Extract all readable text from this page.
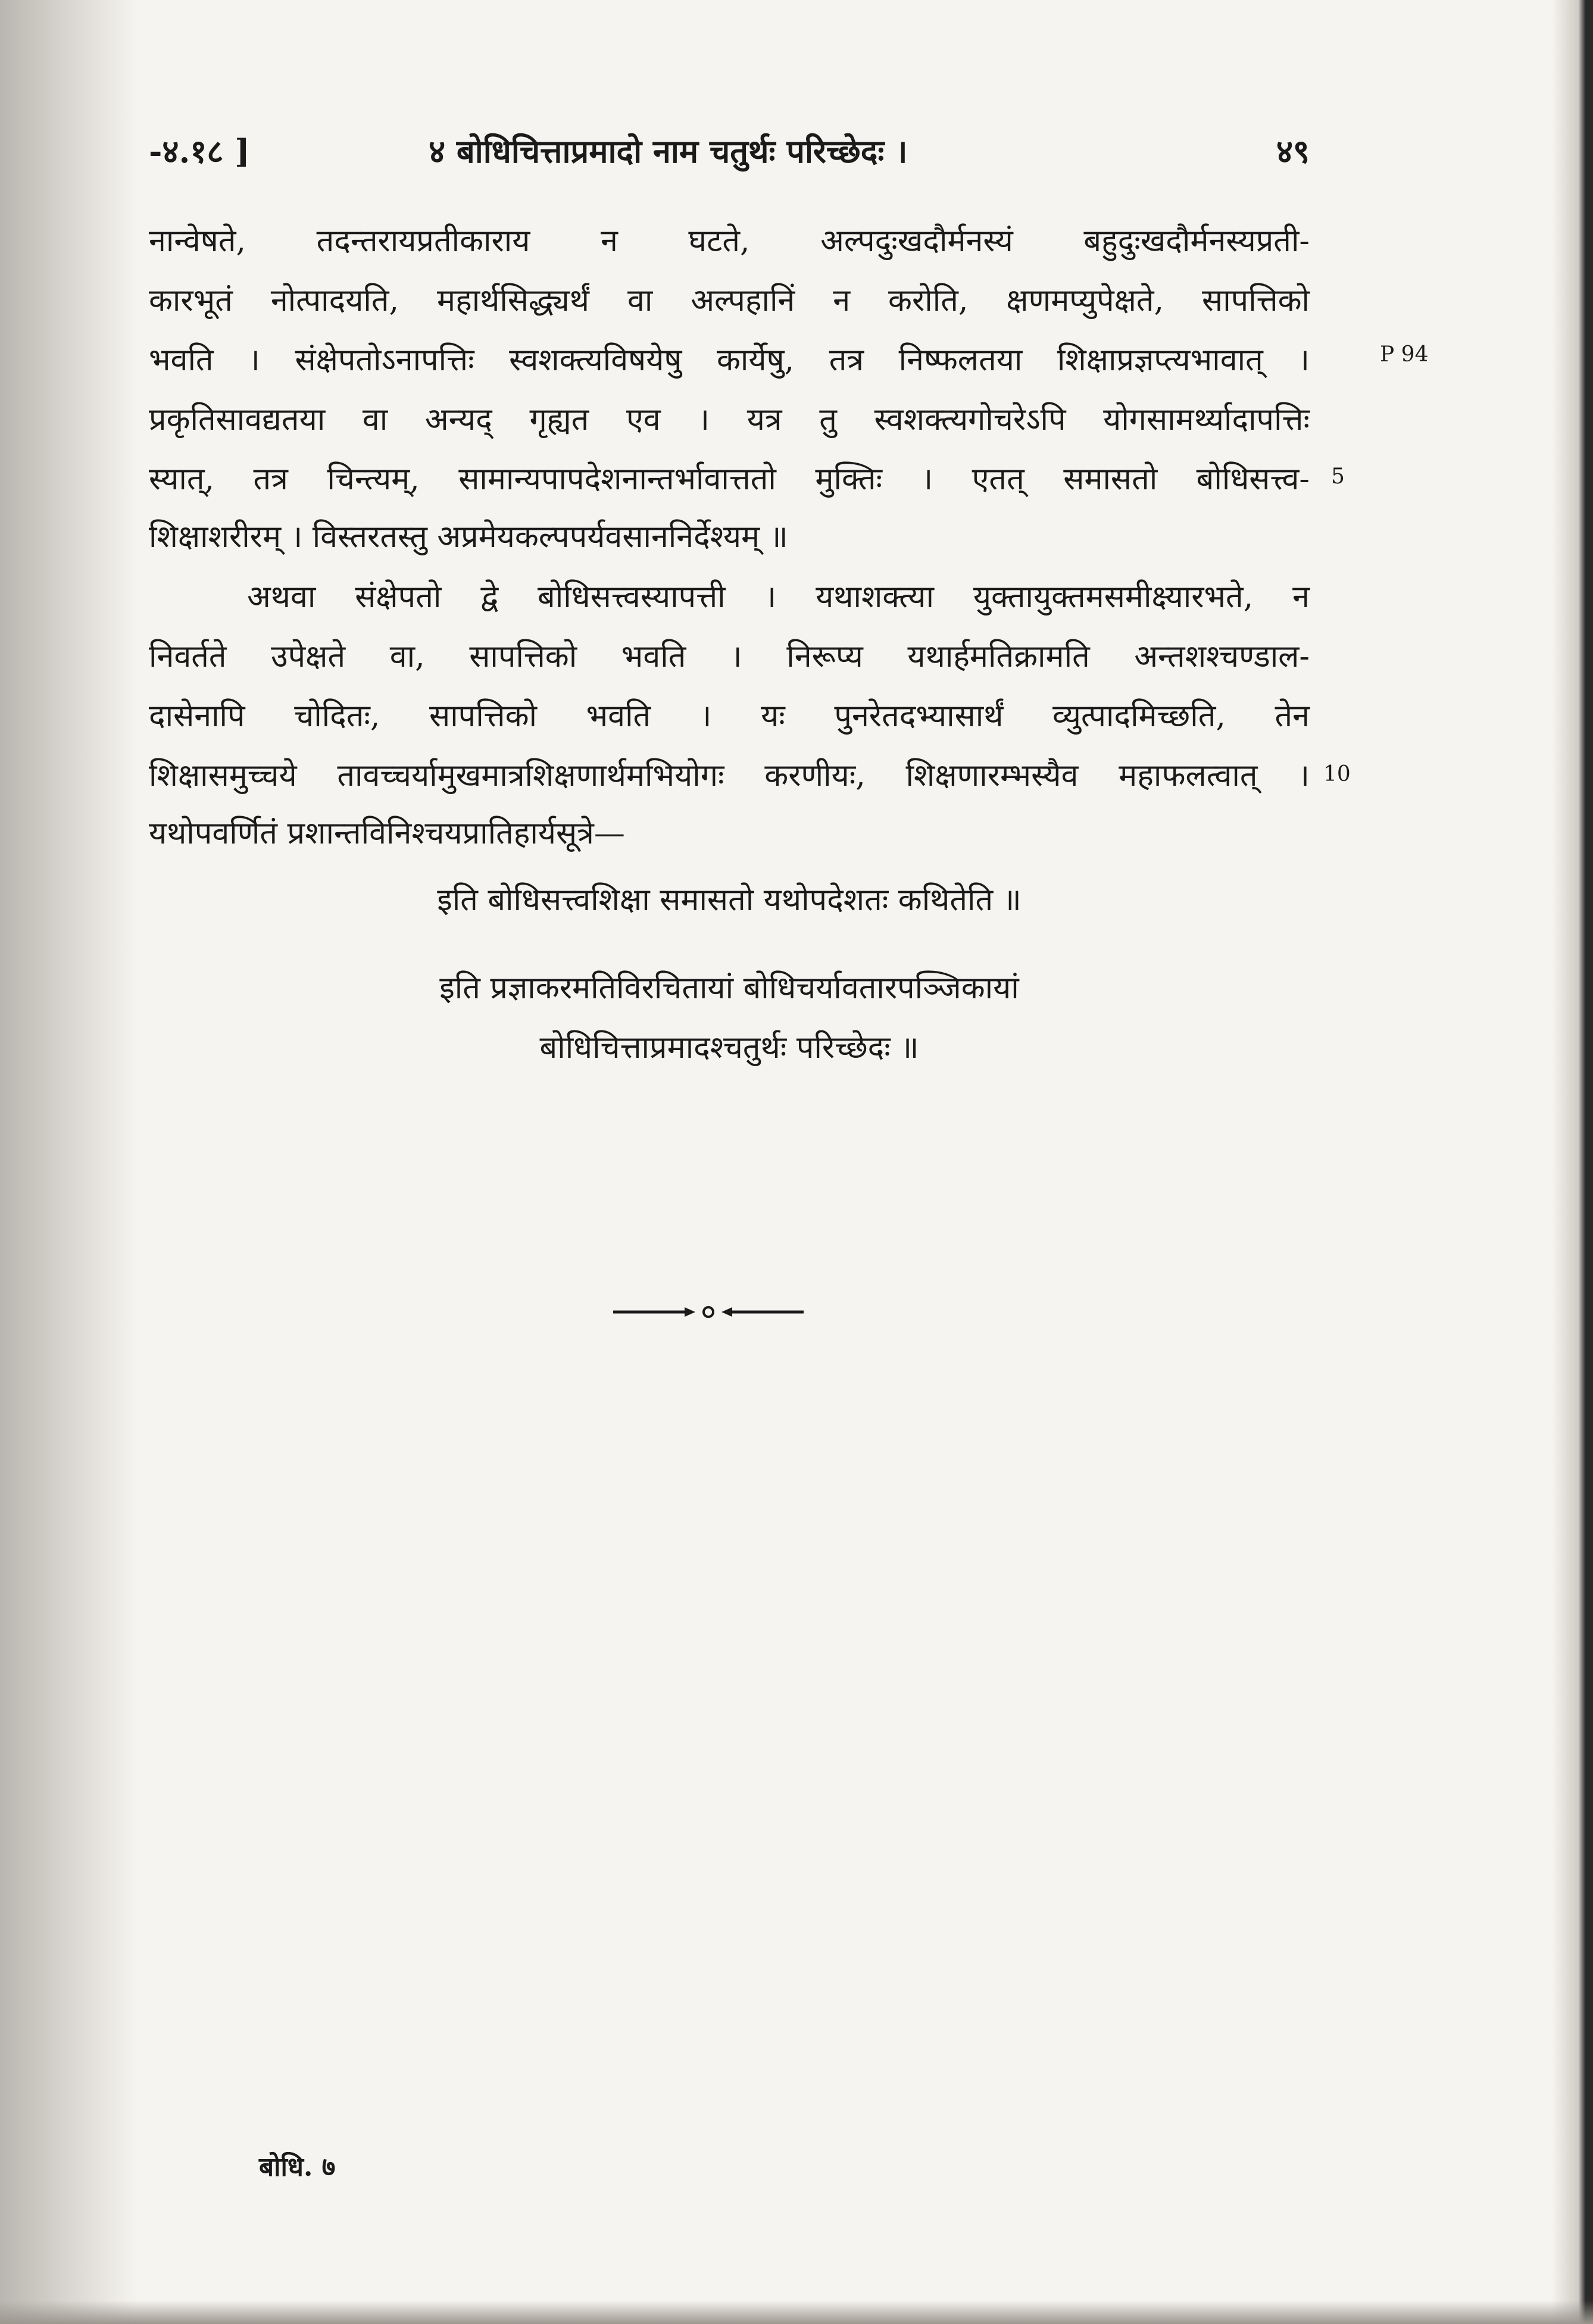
-४.१८ ]	४ बोधिचित्ताप्रमादो नाम चतुर्थः परिच्छेदः ।	४९
नान्वेषते, तदन्तरायप्रतीकाराय न घटते, अल्पदुःखदौर्मनस्यं बहुदुःखदौर्मनस्यप्रती-
कारभूतं नोत्पादयति, महार्थसिद्ध्यर्थं वा अल्पहानिं न करोति, क्षणमप्युपेक्षते, सापत्तिको
भवति । संक्षेपतोऽनापत्तिः स्वशक्त्यविषयेषु कार्येषु, तत्र निष्फलतया शिक्षाप्रज्ञप्त्यभावात् ।
प्रकृतिसावद्यतया वा अन्यद् गृह्यत एव । यत्र तु स्वशक्त्यगोचरेऽपि योगसामर्थ्यादापत्तिः
स्यात्, तत्र चिन्त्यम्, सामान्यपापदेशनान्तर्भावात्ततो मुक्तिः । एतत् समासतो बोधिसत्त्व-
शिक्षाशरीरम् । विस्तरतस्तु अप्रमेयकल्पपर्यवसाननिर्देश्यम् ॥
अथवा संक्षेपतो द्वे बोधिसत्त्वस्यापत्ती । यथाशक्त्या युक्तायुक्तमसमीक्ष्यारभते, न
निवर्तते उपेक्षते वा, सापत्तिको भवति । निरूप्य यथार्हमतिक्रामति अन्तशश्चण्डाल-
दासेनापि चोदितः, सापत्तिको भवति । यः पुनरेतदभ्यासार्थं व्युत्पादमिच्छति, तेन
शिक्षासमुच्चये तावच्चर्यामुखमात्रशिक्षणार्थमभियोगः करणीयः, शिक्षणारम्भस्यैव महाफलत्वात् ।
यथोपवर्णितं प्रशान्तविनिश्चयप्रातिहार्यसूत्रे—
इति बोधिसत्त्वशिक्षा समासतो यथोपदेशतः कथितेति ॥
इति प्रज्ञाकरमतिविरचितायां बोधिचर्यावतारपञ्जिकायां
बोधिचित्ताप्रमादश्चतुर्थः परिच्छेदः ॥
P 94
5
10
बोधि. ७
